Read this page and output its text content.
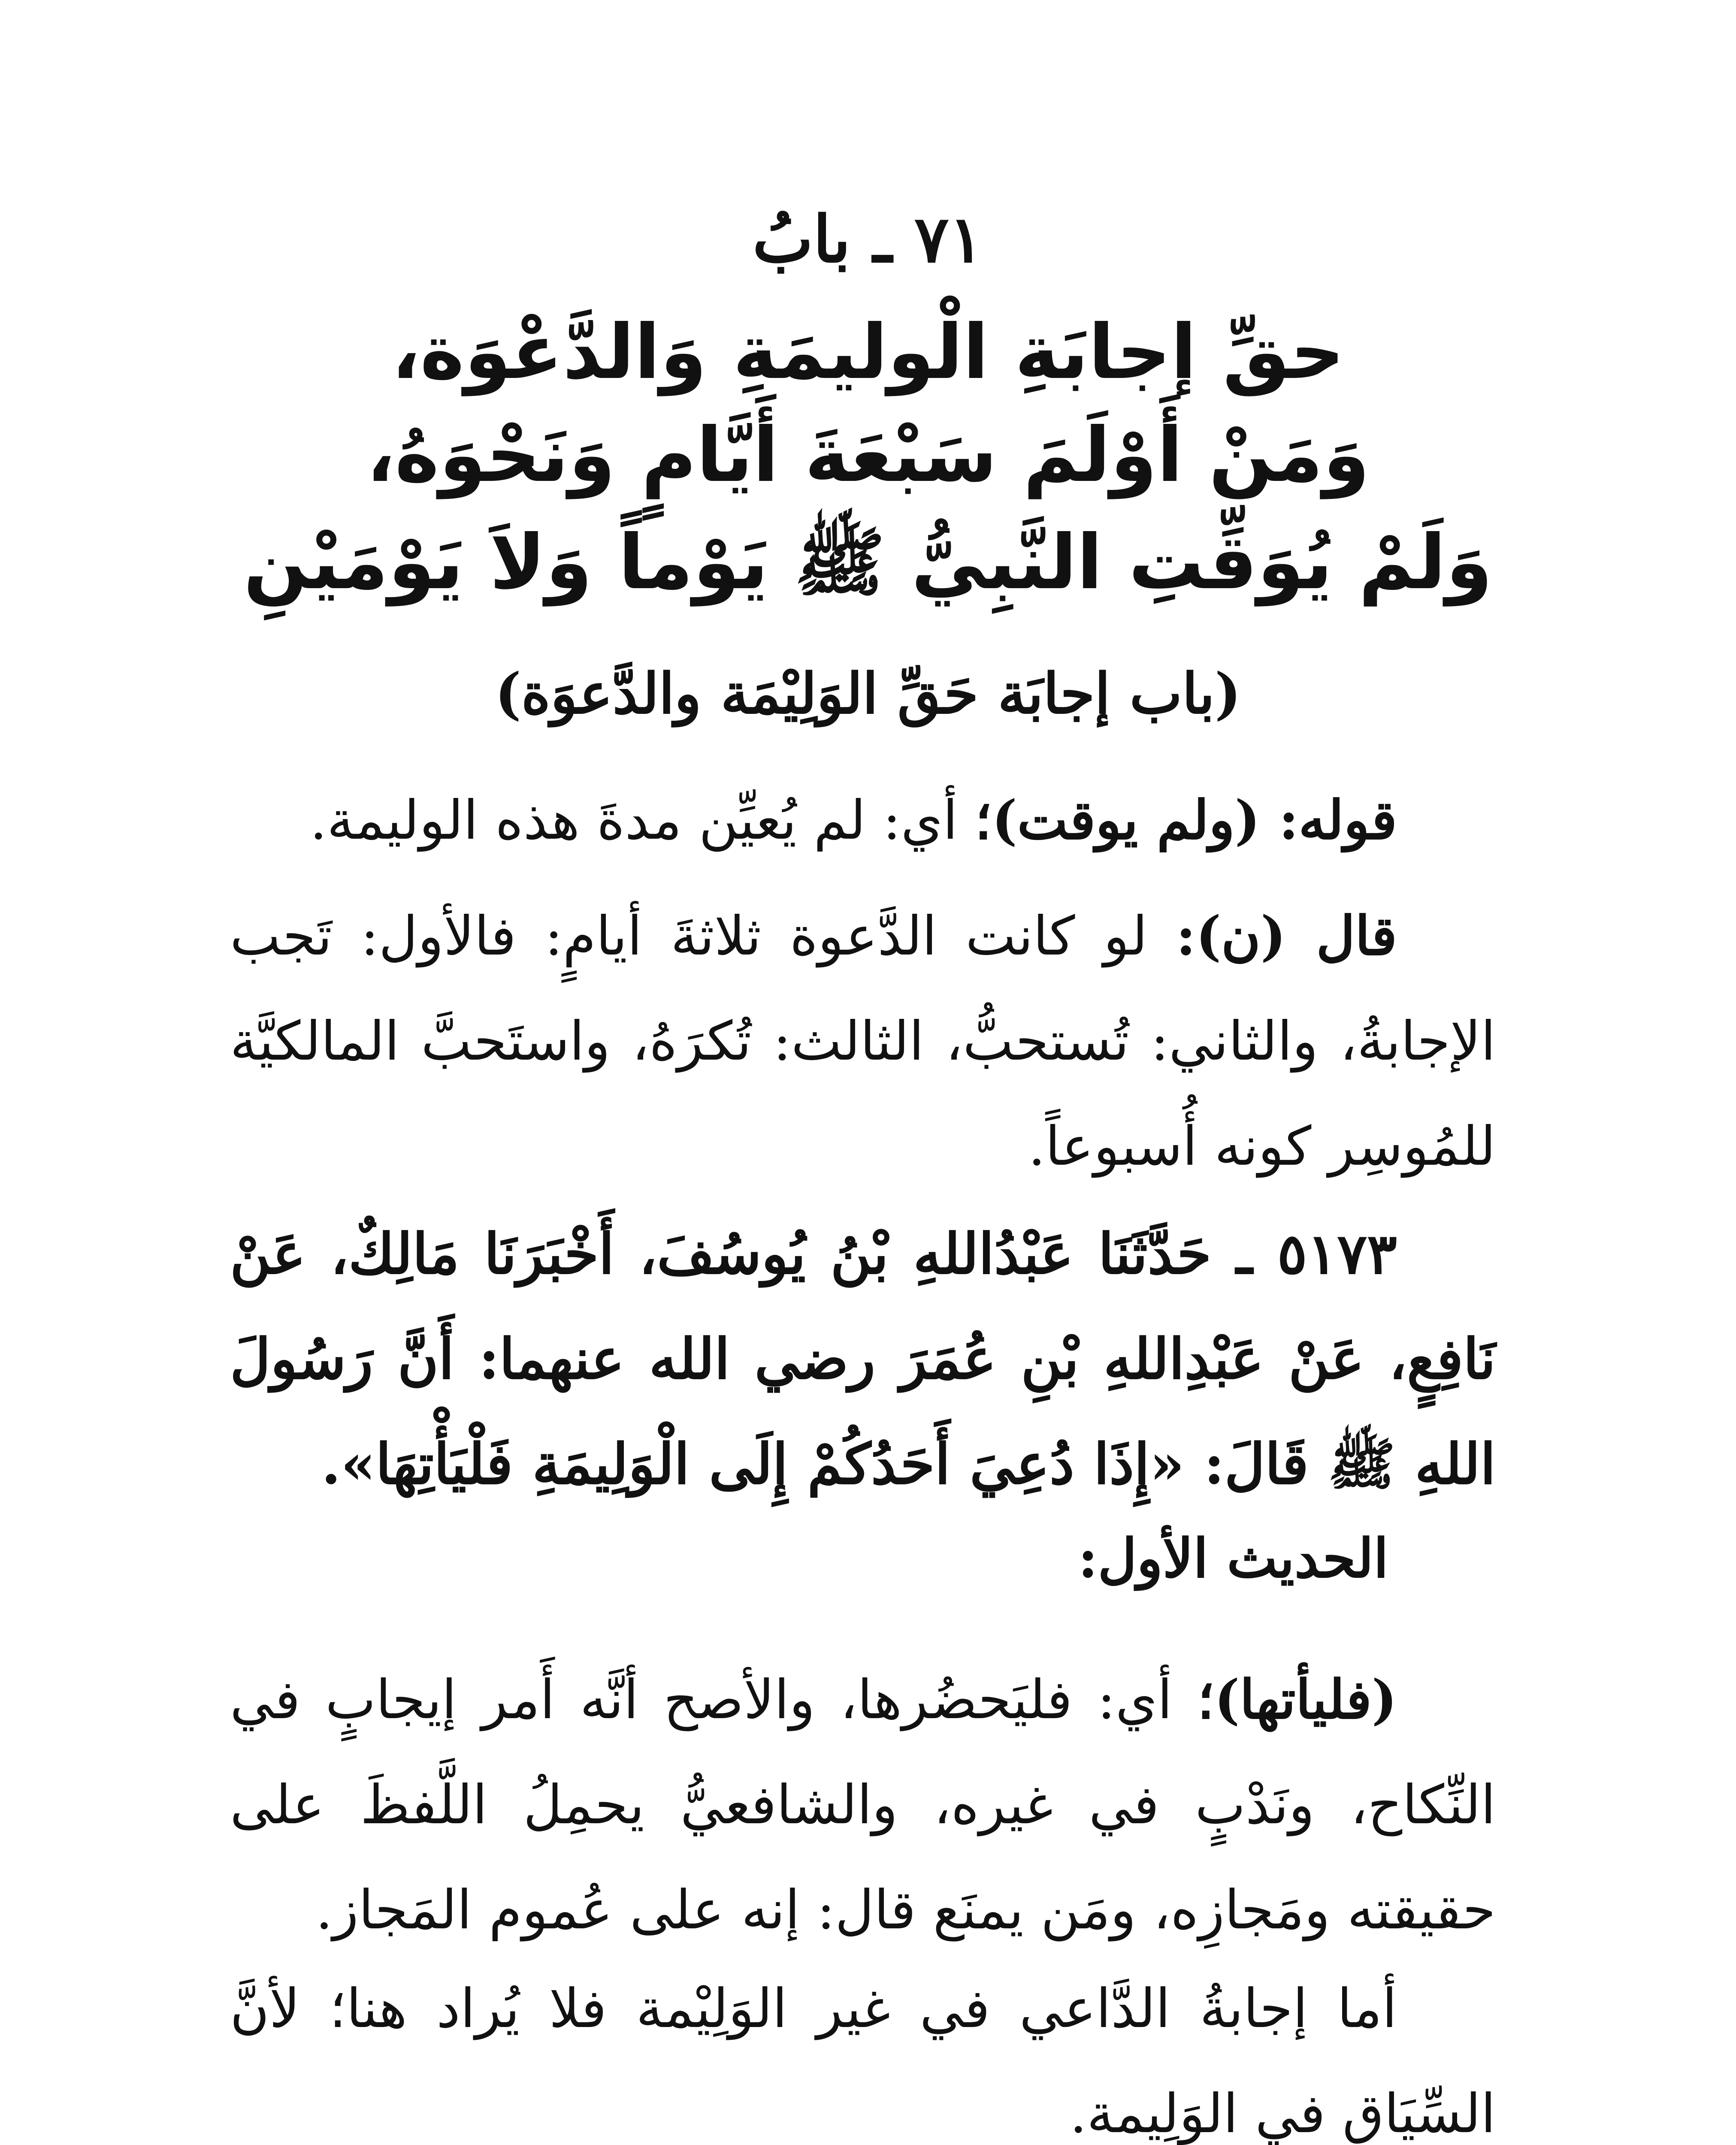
٧١ ـ بابُ
حقِّ إجابَةِ الْوليمَةِ وَالدَّعْوَة،
وَمَنْ أَوْلَمَ سَبْعَةَ أَيَّامٍ وَنَحْوَهُ،
وَلَمْ يُوَقِّتِ النَّبِيُّ ﷺ يَوْماً وَلاَ يَوْمَيْنِ
(باب إجابَة حَقِّ الوَلِيْمَة والدَّعوَة)
قوله: (ولم يوقت)؛ أي: لم يُعيِّن مدةَ هذه الوليمة.
قال (ن): لو كانت الدَّعوة ثلاثةَ أيامٍ: فالأول: تَجب الإجابةُ، والثاني: تُستحبُّ، الثالث: تُكرَهُ، واستَحبَّ المالكيَّة للمُوسِر كونه أُسبوعاً.
٥١٧٣ ـ حَدَّثَنَا عَبْدُاللهِ بْنُ يُوسُفَ، أَخْبَرَنَا مَالِكٌ، عَنْ نَافِعٍ، عَنْ عَبْدِاللهِ بْنِ عُمَرَ رضي الله عنهما: أَنَّ رَسُولَ اللهِ ﷺ قَالَ: «إِذَا دُعِيَ أَحَدُكُمْ إِلَى الْوَلِيمَةِ فَلْيَأْتِهَا».
الحديث الأول:
(فليأتها)؛ أي: فليَحضُرها، والأصح أنَّه أَمر إيجابٍ في النِّكاح، ونَدْبٍ في غيره، والشافعيُّ يحمِلُ اللَّفظَ على حقيقته ومَجازِه، ومَن يمنَع قال: إنه على عُموم المَجاز.
أما إجابةُ الدَّاعي في غير الوَلِيْمة فلا يُراد هنا؛ لأنَّ السِّيَاق في الوَلِيمة.
